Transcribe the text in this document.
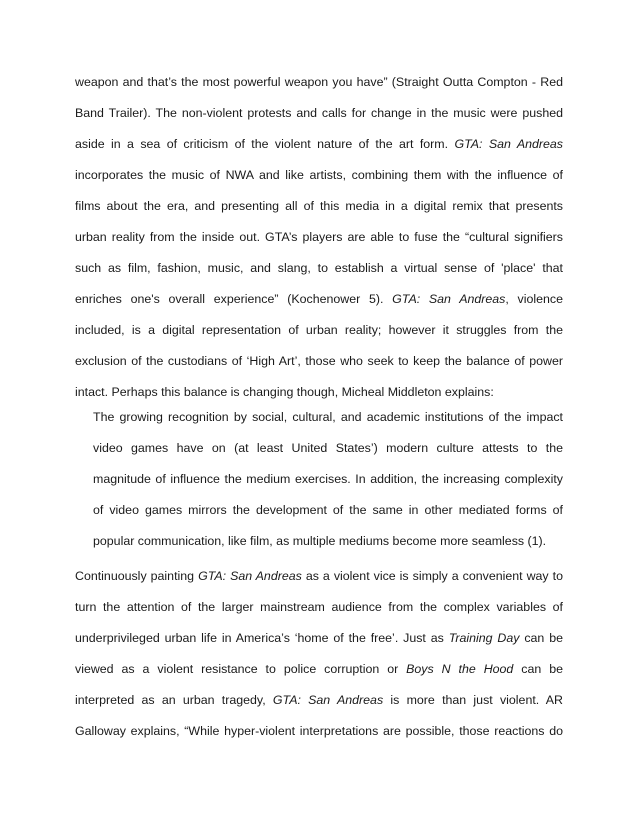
weapon and that’s the most powerful weapon you have” (Straight Outta Compton - Red
Band Trailer). The non-violent protests and calls for change in the music were pushed
aside in a sea of criticism of the violent nature of the art form. GTA: San Andreas
incorporates the music of NWA and like artists, combining them with the influence of
films about the era, and presenting all of this media in a digital remix that presents
urban reality from the inside out. GTA’s players are able to fuse the “cultural signifiers
such as film, fashion, music, and slang, to establish a virtual sense of 'place' that
enriches one's overall experience” (Kochenower 5). GTA: San Andreas, violence
included, is a digital representation of urban reality; however it struggles from the
exclusion of the custodians of ‘High Art’, those who seek to keep the balance of power
intact. Perhaps this balance is changing though, Micheal Middleton explains:
The growing recognition by social, cultural, and academic institutions of the impact
video games have on (at least United States’) modern culture attests to the
magnitude of influence the medium exercises. In addition, the increasing complexity
of video games mirrors the development of the same in other mediated forms of
popular communication, like film, as multiple mediums become more seamless (1).
Continuously painting GTA: San Andreas as a violent vice is simply a convenient way to
turn the attention of the larger mainstream audience from the complex variables of
underprivileged urban life in America’s ‘home of the free’. Just as Training Day can be
viewed as a violent resistance to police corruption or Boys N the Hood can be
interpreted as an urban tragedy, GTA: San Andreas is more than just violent. AR
Galloway explains, “While hyper-violent interpretations are possible, those reactions do
